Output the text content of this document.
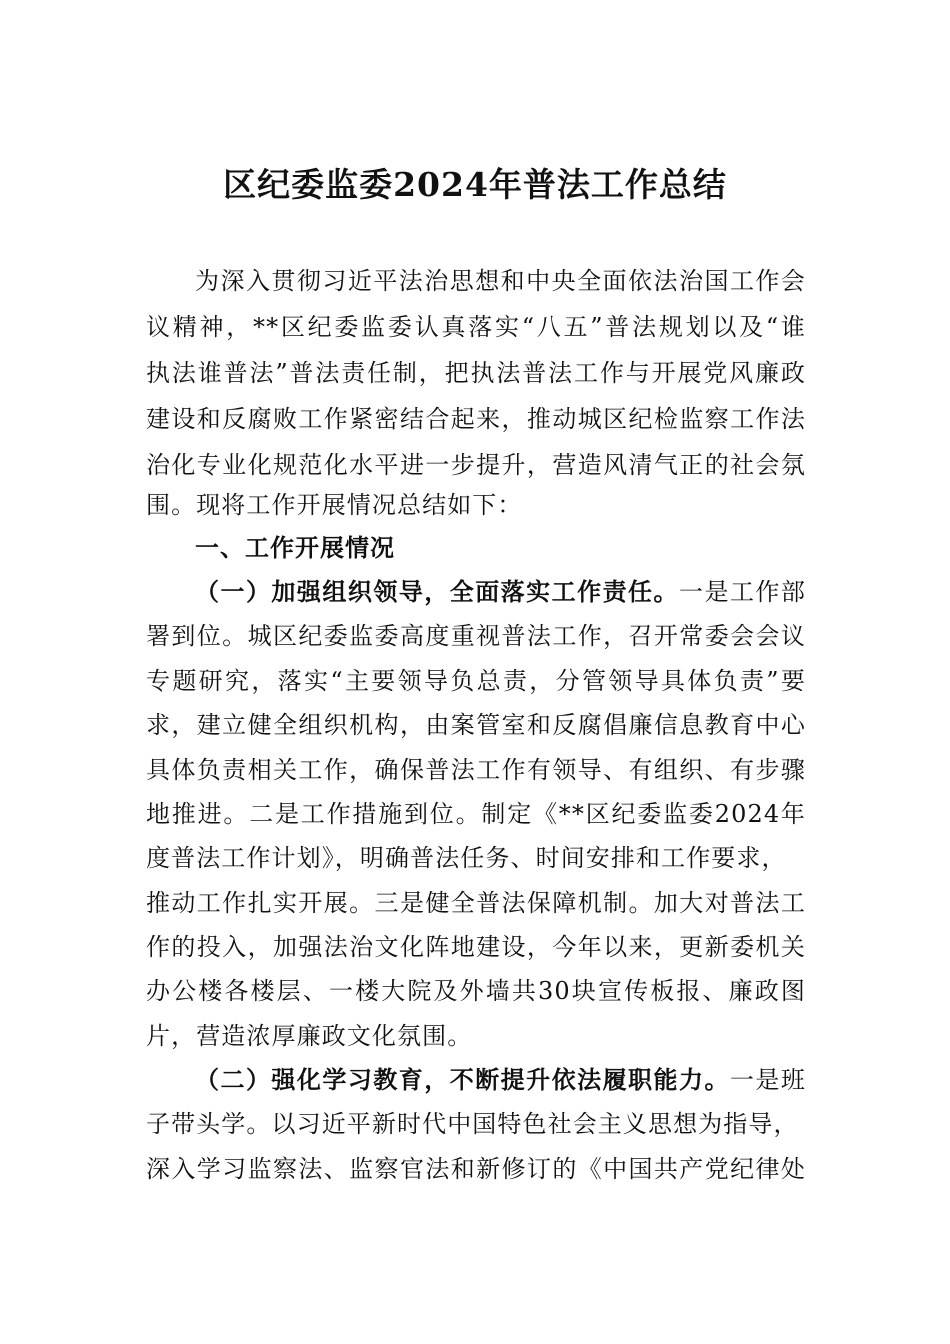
区纪委监委2024年普法工作总结
为深入贯彻习近平法治思想和中央全面依法治国工作会
议精神，**区纪委监委认真落实“八五”普法规划以及“谁
执法谁普法”普法责任制，把执法普法工作与开展党风廉政
建设和反腐败工作紧密结合起来，推动城区纪检监察工作法
治化专业化规范化水平进一步提升，营造风清气正的社会氛
围。现将工作开展情况总结如下：
一、工作开展情况
（一）加强组织领导，全面落实工作责任。一是工作部
署到位。城区纪委监委高度重视普法工作，召开常委会会议
专题研究，落实“主要领导负总责，分管领导具体负责”要
求，建立健全组织机构，由案管室和反腐倡廉信息教育中心
具体负责相关工作，确保普法工作有领导、有组织、有步骤
地推进。二是工作措施到位。制定《**区纪委监委2024年
度普法工作计划》，明确普法任务、时间安排和工作要求，
推动工作扎实开展。三是健全普法保障机制。加大对普法工
作的投入，加强法治文化阵地建设，今年以来，更新委机关
办公楼各楼层、一楼大院及外墙共30块宣传板报、廉政图
片，营造浓厚廉政文化氛围。
（二）强化学习教育，不断提升依法履职能力。一是班
子带头学。以习近平新时代中国特色社会主义思想为指导，
深入学习监察法、监察官法和新修订的《中国共产党纪律处
